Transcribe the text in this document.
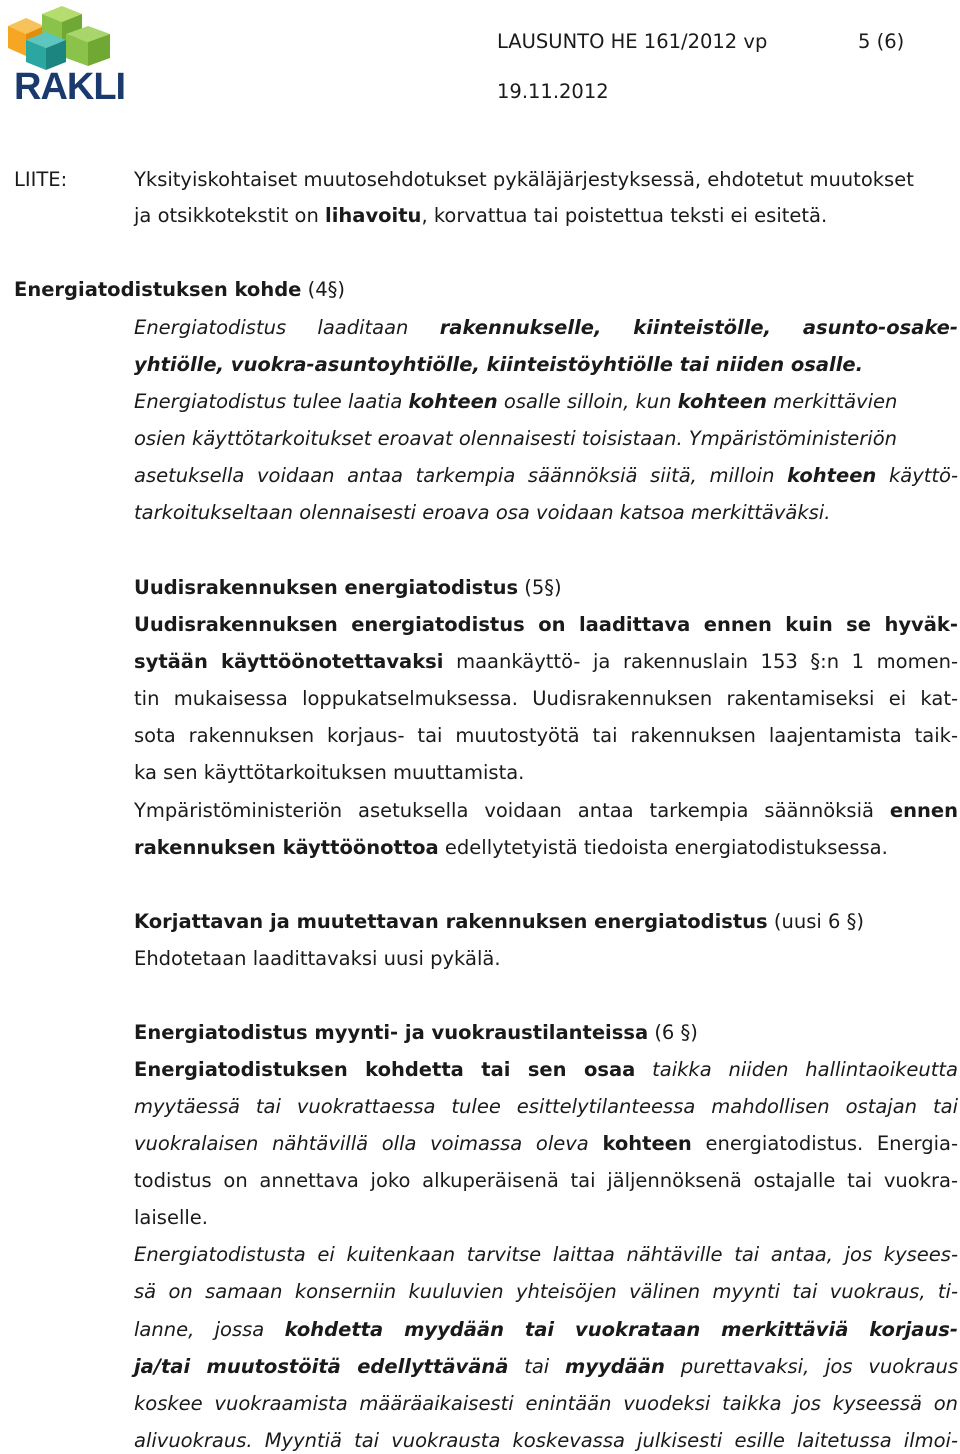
RAKLI
LAUSUNTO HE 161/2012 vp	5 (6)
19.11.2012
LIITE:	Yksityiskohtaiset muutosehdotukset pykäläjärjestyksessä, ehdotetut muutokset
ja otsikkotekstit on lihavoitu, korvattua tai poistettua teksti ei esitetä.
Energiatodistuksen kohde (4§)
Energiatodistus laaditaan rakennukselle, kiinteistölle, asunto-osake-
yhtiölle, vuokra-asuntoyhtiölle, kiinteistöyhtiölle tai niiden osalle.
Energiatodistus tulee laatia kohteen osalle silloin, kun kohteen merkittävien
osien käyttötarkoitukset eroavat olennaisesti toisistaan. Ympäristöministeriön
asetuksella voidaan antaa tarkempia säännöksiä siitä, milloin kohteen käyttö-
tarkoitukseltaan olennaisesti eroava osa voidaan katsoa merkittäväksi.
Uudisrakennuksen energiatodistus (5§)
Uudisrakennuksen energiatodistus on laadittava ennen kuin se hyväk-
sytään käyttöönotettavaksi maankäyttö- ja rakennuslain 153 §:n 1 momen-
tin mukaisessa loppukatselmuksessa. Uudisrakennuksen rakentamiseksi ei kat-
sota rakennuksen korjaus- tai muutostyötä tai rakennuksen laajentamista taik-
ka sen käyttötarkoituksen muuttamista.
Ympäristöministeriön asetuksella voidaan antaa tarkempia säännöksiä ennen
rakennuksen käyttöönottoa edellytetyistä tiedoista energiatodistuksessa.
Korjattavan ja muutettavan rakennuksen energiatodistus (uusi 6 §)
Ehdotetaan laadittavaksi uusi pykälä.
Energiatodistus myynti- ja vuokraustilanteissa (6 §)
Energiatodistuksen kohdetta tai sen osaa taikka niiden hallintaoikeutta
myytäessä tai vuokrattaessa tulee esittelytilanteessa mahdollisen ostajan tai
vuokralaisen nähtävillä olla voimassa oleva kohteen energiatodistus. Energia-
todistus on annettava joko alkuperäisenä tai jäljennöksenä ostajalle tai vuokra-
laiselle.
Energiatodistusta ei kuitenkaan tarvitse laittaa nähtäville tai antaa, jos kysees-
sä on samaan konserniin kuuluvien yhteisöjen välinen myynti tai vuokraus, ti-
lanne, jossa kohdetta myydään tai vuokrataan merkittäviä korjaus-
ja/tai muutostöitä edellyttävänä tai myydään purettavaksi, jos vuokraus
koskee vuokraamista määräaikaisesti enintään vuodeksi taikka jos kyseessä on
alivuokraus. Myyntiä tai vuokrausta koskevassa julkisesti esille laitetussa ilmoi-
